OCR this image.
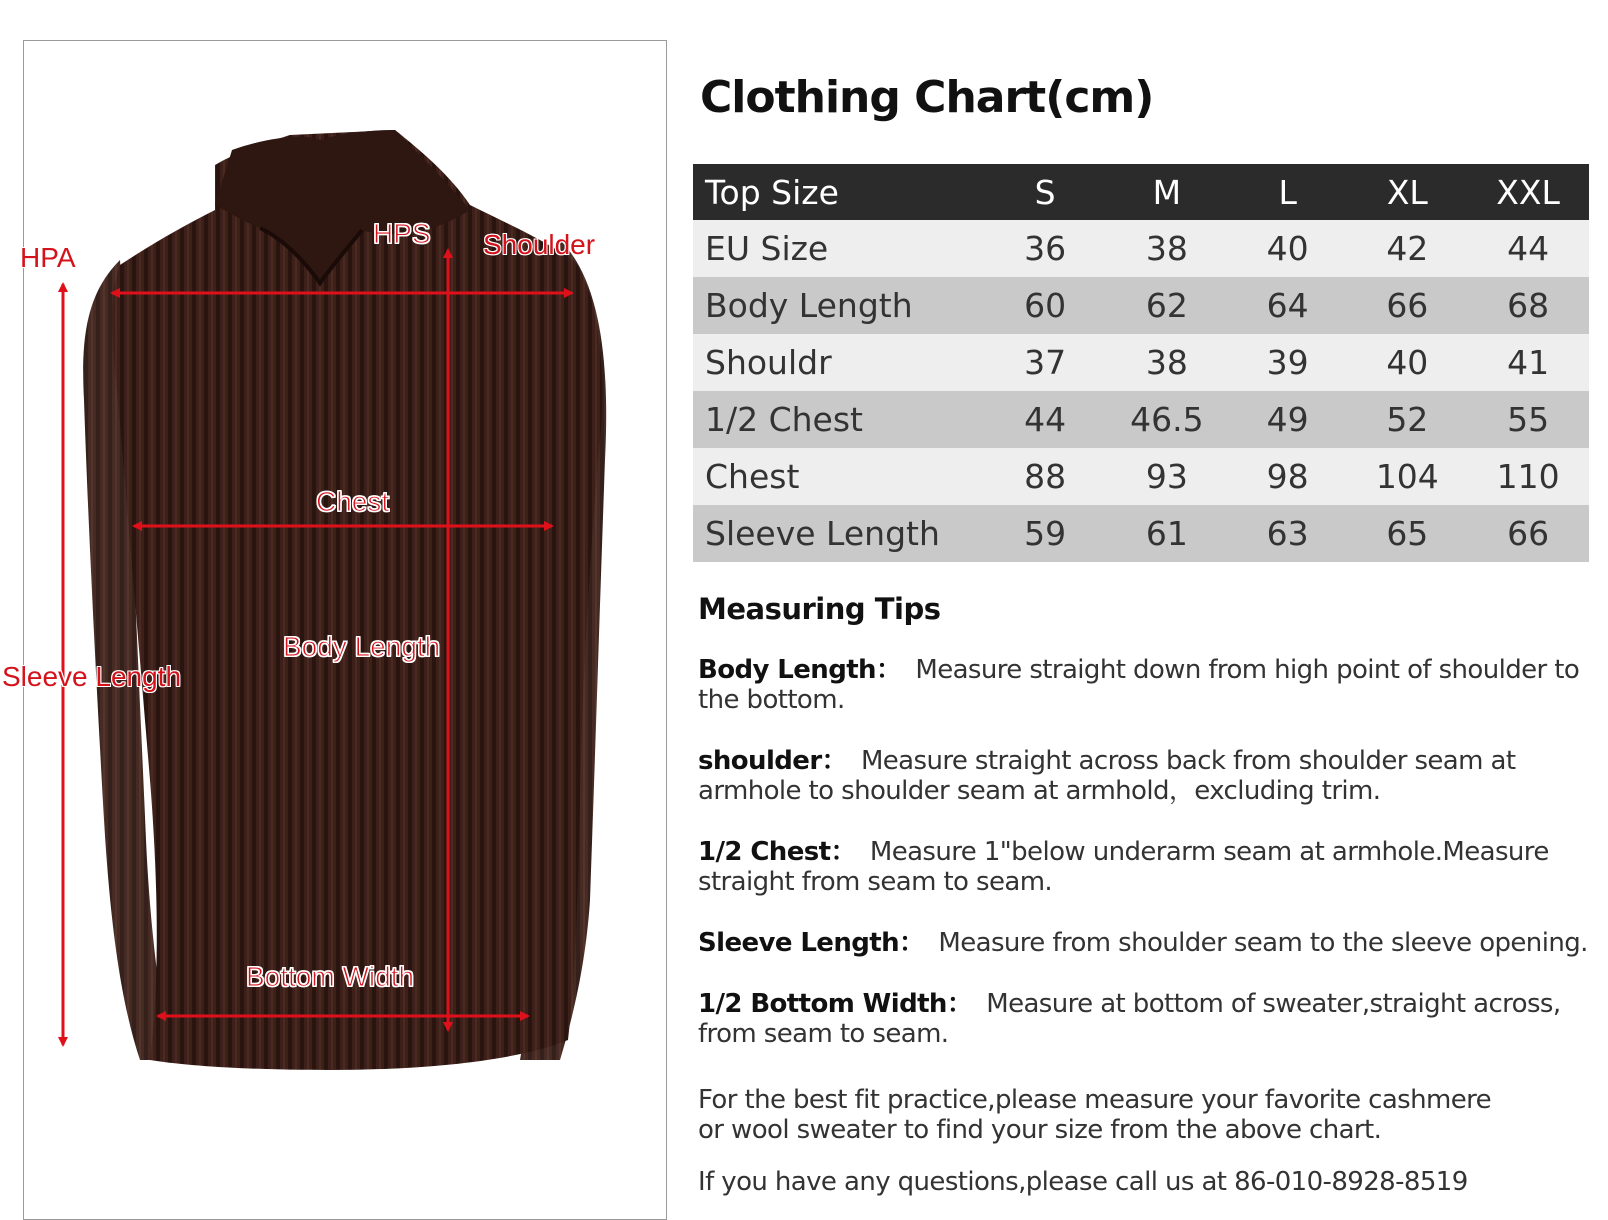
HPA
HPS Shoulder
Chest
Body Length
Sleeve Length
Bottom Width
Clothing Chart(cm)
Top Size	S	M	L	XL	XXL
EU Size	36	38	40	42	44
Body Length	60	62	64	66	68
Shouldr	37	38	39	40	41
1/2 Chest	44	46.5	49	52	55
Chest	88	93	98	104	110
Sleeve Length	59	61	63	65	66
Measuring Tips
Body Length： Measure straight down from high point of shoulder to the bottom.
shoulder： Measure straight across back from shoulder seam at armhole to shoulder seam at armhold，excluding trim.
1/2 Chest： Measure 1"below underarm seam at armhole.Measure straight from seam to seam.
Sleeve Length： Measure from shoulder seam to the sleeve opening.
1/2 Bottom Width： Measure at bottom of sweater,straight across, from seam to seam.
For the best fit practice,please measure your favorite cashmere
or wool sweater to find your size from the above chart.
If you have any questions,please call us at 86-010-8928-8519
